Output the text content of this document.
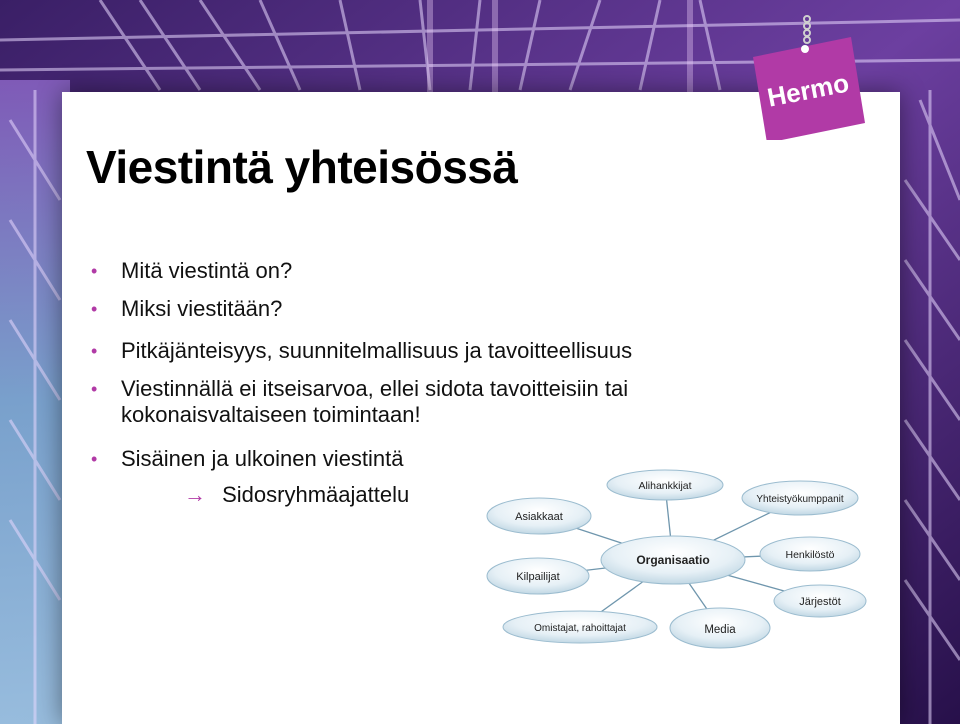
Viestintä yhteisössä
• Mitä viestintä on?
• Miksi viestitään?
• Pitkäjänteisyys, suunnitelmallisuus ja tavoitteellisuus
• Viestinnällä ei itseisarvoa, ellei sidota tavoitteisiin tai kokonaisvaltaiseen toimintaan!
• Sisäinen ja ulkoinen viestintä
→ Sidosryhmäajattelu	Alihankkijat
Yhteistyökumppanit
Henkilöstö
Järjestöt
Media
Omistajat, rahoittajat
Kilpailijat
Asiakkaat
Organisaatio
Hermo
